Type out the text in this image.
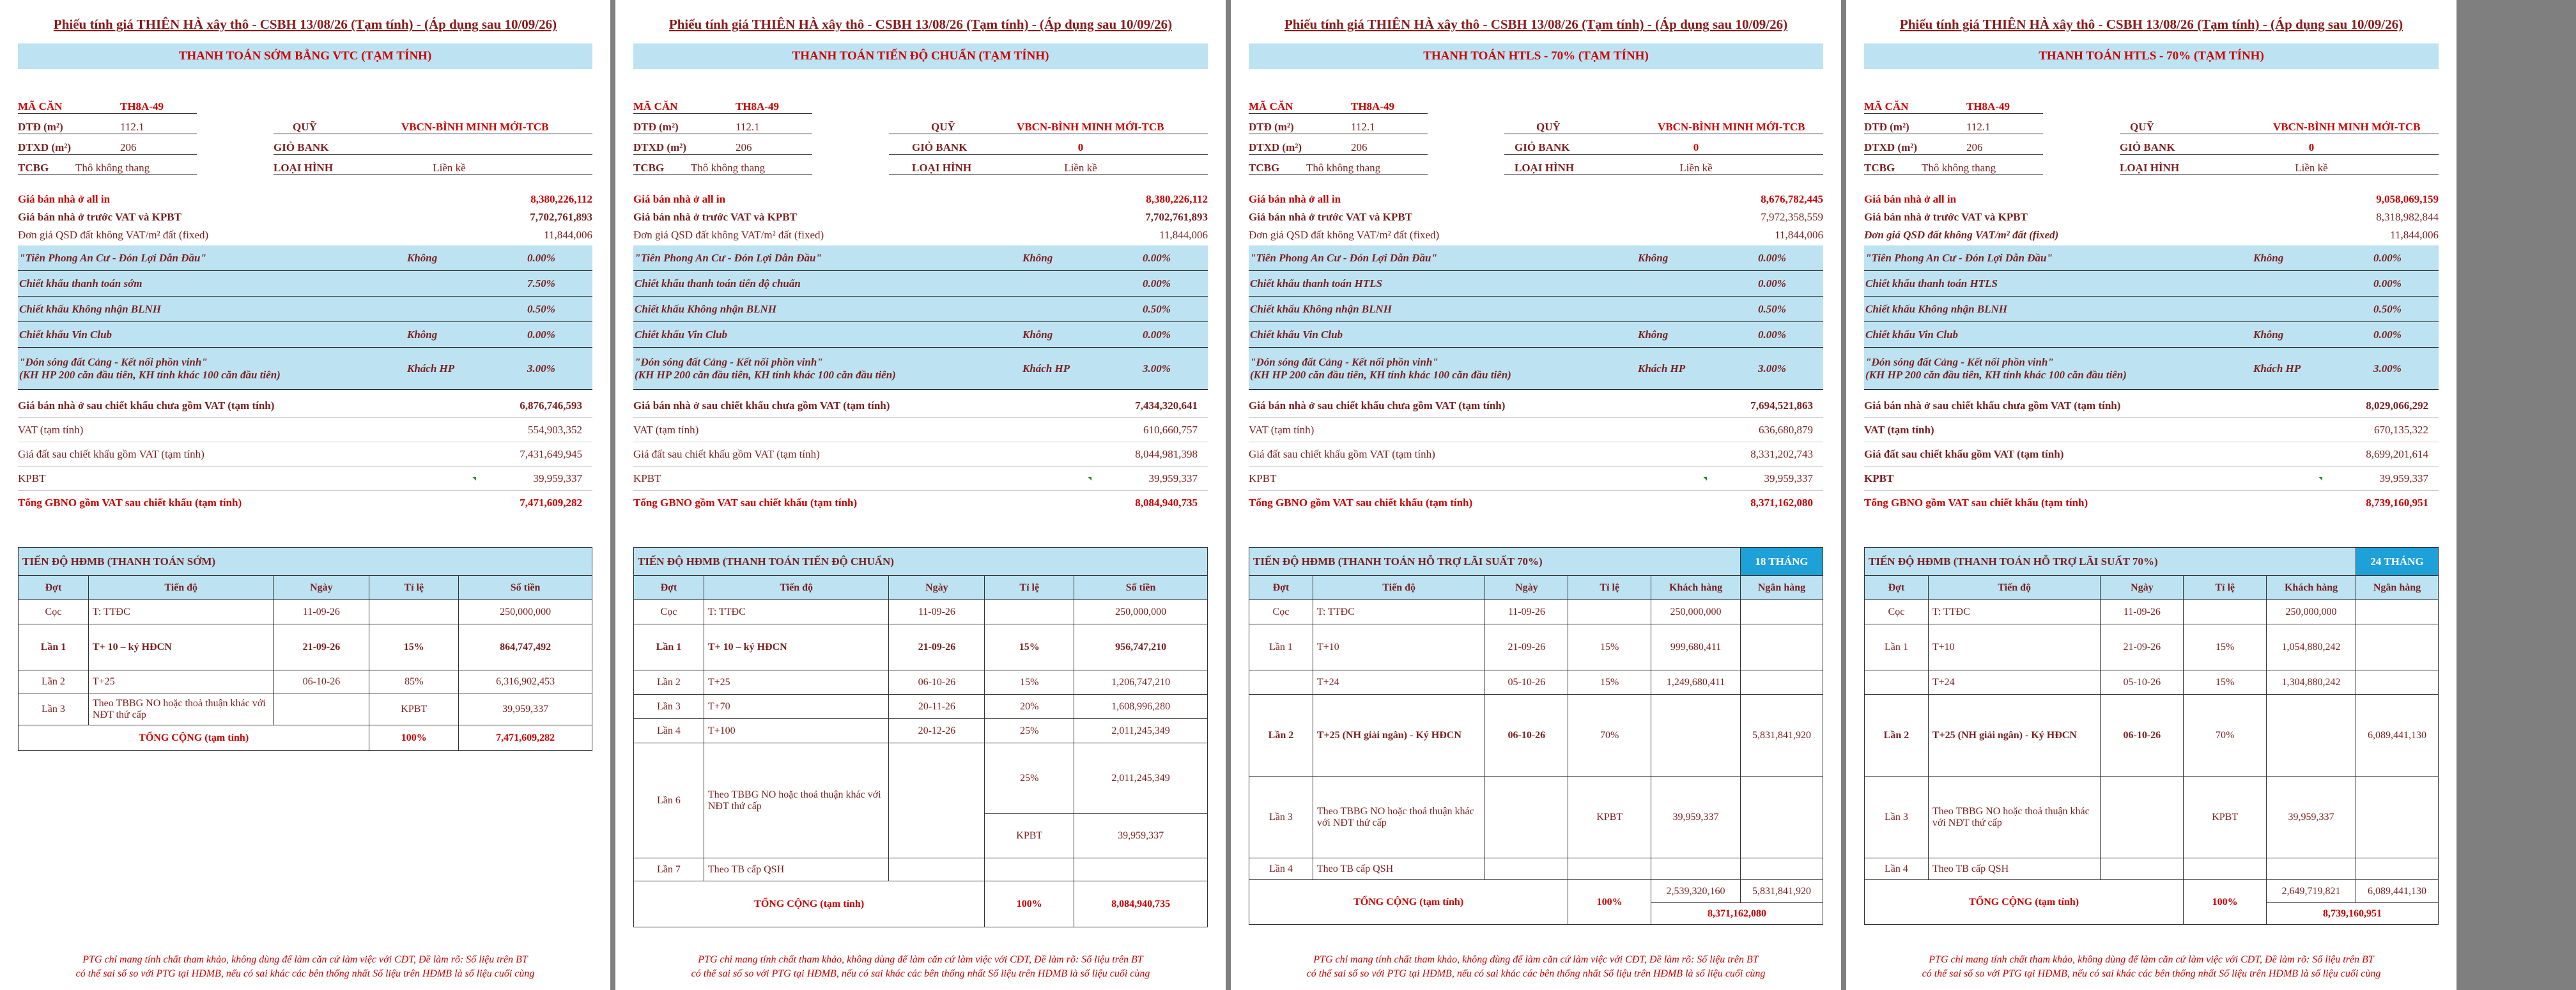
Phiếu tính giá THIÊN HÀ xây thô - CSBH 13/08/26 (Tạm tính) - (Áp dụng sau 10/09/26)
THANH TOÁN SỚM BẰNG VTC (TẠM TÍNH)
MÃ CĂN	TH8A-49
DTĐ (m²)	112.1
DTXD (m²)	206
TCBG	Thô không thang
QUỸ	VBCN-BÌNH MINH MỚI-TCB
GIỎ BANK
LOẠI HÌNH	Liền kề
Giá bán nhà ở all in	8,380,226,112
Giá bán nhà ở trước VAT và KPBT	7,702,761,893
Đơn giá QSD đất không VAT/m² đất (fixed)	11,844,006
"Tiên Phong An Cư - Đón Lợi Dẫn Đầu"	Không	0.00%
Chiết khấu thanh toán sớm	7.50%
Chiết khấu Không nhận BLNH	0.50%
Chiết khấu Vin Club	Không	0.00%
"Đón sóng đất Cảng - Kết nối phồn vinh"
(KH HP 200 căn đầu tiên, KH tính khác 100 căn đầu tiên)
Khách HP	3.00%
Giá bán nhà ở sau chiết khấu chưa gồm VAT (tạm tính)	6,876,746,593
VAT (tạm tính)	554,903,352
Giá đất sau chiết khấu gồm VAT (tạm tính)	7,431,649,945
KPBT	39,959,337
Tổng GBNO gồm VAT sau chiết khấu (tạm tính)	7,471,609,282
TIẾN ĐỘ HĐMB (THANH TOÁN SỚM)				
Đợt	Tiến độ	Ngày	Tỉ lệ	Số tiền
Cọc	T: TTĐC	11-09-26		250,000,000
Lần 1	T+ 10 – ký HĐCN	21-09-26	15%	864,747,492
Lần 2	T+25	06-10-26	85%	6,316,902,453
Lần 3	Theo TBBG NO hoặc thoả thuận khác với NĐT thứ cấp		KPBT	39,959,337
TỔNG CỘNG (tạm tính)			100%	7,471,609,282
PTG chỉ mang tính chất tham khảo, không dùng để làm căn cứ làm việc với CĐT, Đề làm rõ: Số liệu trên BT
có thể sai số so với PTG tại HĐMB, nếu có sai khác các bên thống nhất Số liệu trên HĐMB là số liệu cuối cùng
Phiếu tính giá THIÊN HÀ xây thô - CSBH 13/08/26 (Tạm tính) - (Áp dụng sau 10/09/26)
THANH TOÁN TIẾN ĐỘ CHUẨN (TẠM TÍNH)
MÃ CĂN	TH8A-49
DTĐ (m²)	112.1
DTXD (m²)	206
TCBG	Thô không thang
QUỸ	VBCN-BÌNH MINH MỚI-TCB
GIỎ BANK	0
LOẠI HÌNH	Liền kề
Giá bán nhà ở all in	8,380,226,112
Giá bán nhà ở trước VAT và KPBT	7,702,761,893
Đơn giá QSD đất không VAT/m² đất (fixed)	11,844,006
"Tiên Phong An Cư - Đón Lợi Dẫn Đầu"	Không	0.00%
Chiết khấu thanh toán tiến độ chuẩn	0.00%
Chiết khấu Không nhận BLNH	0.50%
Chiết khấu Vin Club	Không	0.00%
"Đón sóng đất Cảng - Kết nối phồn vinh"
(KH HP 200 căn đầu tiên, KH tính khác 100 căn đầu tiên)
Khách HP	3.00%
Giá bán nhà ở sau chiết khấu chưa gồm VAT (tạm tính)	7,434,320,641
VAT (tạm tính)	610,660,757
Giá đất sau chiết khấu gồm VAT (tạm tính)	8,044,981,398
KPBT	39,959,337
Tổng GBNO gồm VAT sau chiết khấu (tạm tính)	8,084,940,735
TIẾN ĐỘ HĐMB (THANH TOÁN TIẾN ĐỘ CHUẨN)				
Đợt	Tiến độ	Ngày	Tỉ lệ	Số tiền
Cọc	T: TTĐC	11-09-26		250,000,000
Lần 1	T+ 10 – ký HĐCN	21-09-26	15%	956,747,210
Lần 2	T+25	06-10-26	15%	1,206,747,210
Lần 3	T+70	20-11-26	20%	1,608,996,280
Lần 4	T+100	20-12-26	25%	2,011,245,349
Lần 6	Theo TBBG NO hoặc thoả thuận khác với NĐT thứ cấp		25%	2,011,245,349
			KPBT	39,959,337
Lần 7	Theo TB cấp QSH			
TỔNG CỘNG (tạm tính)			100%	8,084,940,735
PTG chỉ mang tính chất tham khảo, không dùng để làm căn cứ làm việc với CĐT, Đề làm rõ: Số liệu trên BT
có thể sai số so với PTG tại HĐMB, nếu có sai khác các bên thống nhất Số liệu trên HĐMB là số liệu cuối cùng
Phiếu tính giá THIÊN HÀ xây thô - CSBH 13/08/26 (Tạm tính) - (Áp dụng sau 10/09/26)
THANH TOÁN HTLS - 70% (TẠM TÍNH)
MÃ CĂN	TH8A-49
DTĐ (m²)	112.1
DTXD (m²)	206
TCBG	Thô không thang
QUỸ	VBCN-BÌNH MINH MỚI-TCB
GIỎ BANK	0
LOẠI HÌNH	Liền kề
Giá bán nhà ở all in	8,676,782,445
Giá bán nhà ở trước VAT và KPBT	7,972,358,559
Đơn giá QSD đất không VAT/m² đất (fixed)	11,844,006
"Tiên Phong An Cư - Đón Lợi Dẫn Đầu"	Không	0.00%
Chiết khấu thanh toán HTLS	0.00%
Chiết khấu Không nhận BLNH	0.50%
Chiết khấu Vin Club	Không	0.00%
"Đón sóng đất Cảng - Kết nối phồn vinh"
(KH HP 200 căn đầu tiên, KH tính khác 100 căn đầu tiên)
Khách HP	3.00%
Giá bán nhà ở sau chiết khấu chưa gồm VAT (tạm tính)	7,694,521,863
VAT (tạm tính)	636,680,879
Giá đất sau chiết khấu gồm VAT (tạm tính)	8,331,202,743
KPBT	39,959,337
Tổng GBNO gồm VAT sau chiết khấu (tạm tính)	8,371,162,080
TIẾN ĐỘ HĐMB (THANH TOÁN HỖ TRỢ LÃI SUẤT 70%)					18 THÁNG
Đợt	Tiến độ	Ngày	Tỉ lệ	Khách hàng	Ngân hàng
Cọc	T: TTĐC	11-09-26		250,000,000	
Lần 1	T+10	21-09-26	15%	999,680,411	
	T+24	05-10-26	15%	1,249,680,411	
Lần 2	T+25 (NH giải ngân) - Ký HĐCN	06-10-26	70%		5,831,841,920
Lần 3	Theo TBBG NO hoặc thoả thuận khác với NĐT thứ cấp		KPBT	39,959,337	
Lần 4	Theo TB cấp QSH				
TỔNG CỘNG (tạm tính)			100%	2,539,320,160	5,831,841,920
				8,371,162,080	
PTG chỉ mang tính chất tham khảo, không dùng để làm căn cứ làm việc với CĐT, Đề làm rõ: Số liệu trên BT
có thể sai số so với PTG tại HĐMB, nếu có sai khác các bên thống nhất Số liệu trên HĐMB là số liệu cuối cùng
Phiếu tính giá THIÊN HÀ xây thô - CSBH 13/08/26 (Tạm tính) - (Áp dụng sau 10/09/26)
THANH TOÁN HTLS - 70% (TẠM TÍNH)
MÃ CĂN	TH8A-49
DTĐ (m²)	112.1
DTXD (m²)	206
TCBG	Thô không thang
QUỸ	VBCN-BÌNH MINH MỚI-TCB
GIỎ BANK	0
LOẠI HÌNH	Liền kề
Giá bán nhà ở all in	9,058,069,159
Giá bán nhà ở trước VAT và KPBT	8,318,982,844
Đơn giá QSD đất không VAT/m² đất (fixed)	11,844,006
"Tiên Phong An Cư - Đón Lợi Dẫn Đầu"	Không	0.00%
Chiết khấu thanh toán HTLS	0.00%
Chiết khấu Không nhận BLNH	0.50%
Chiết khấu Vin Club	Không	0.00%
"Đón sóng đất Cảng - Kết nối phồn vinh"
(KH HP 200 căn đầu tiên, KH tính khác 100 căn đầu tiên)
Khách HP	3.00%
Giá bán nhà ở sau chiết khấu chưa gồm VAT (tạm tính)	8,029,066,292
VAT (tạm tính)	670,135,322
Giá đất sau chiết khấu gồm VAT (tạm tính)	8,699,201,614
KPBT	39,959,337
Tổng GBNO gồm VAT sau chiết khấu (tạm tính)	8,739,160,951
TIẾN ĐỘ HĐMB (THANH TOÁN HỖ TRỢ LÃI SUẤT 70%)					24 THÁNG
Đợt	Tiến độ	Ngày	Tỉ lệ	Khách hàng	Ngân hàng
Cọc	T: TTĐC	11-09-26		250,000,000	
Lần 1	T+10	21-09-26	15%	1,054,880,242	
	T+24	05-10-26	15%	1,304,880,242	
Lần 2	T+25 (NH giải ngân) - Ký HĐCN	06-10-26	70%		6,089,441,130
Lần 3	Theo TBBG NO hoặc thoả thuận khác với NĐT thứ cấp		KPBT	39,959,337	
Lần 4	Theo TB cấp QSH				
TỔNG CỘNG (tạm tính)			100%	2,649,719,821	6,089,441,130
				8,739,160,951	
PTG chỉ mang tính chất tham khảo, không dùng để làm căn cứ làm việc với CĐT, Đề làm rõ: Số liệu trên BT
có thể sai số so với PTG tại HĐMB, nếu có sai khác các bên thống nhất Số liệu trên HĐMB là số liệu cuối cùng
